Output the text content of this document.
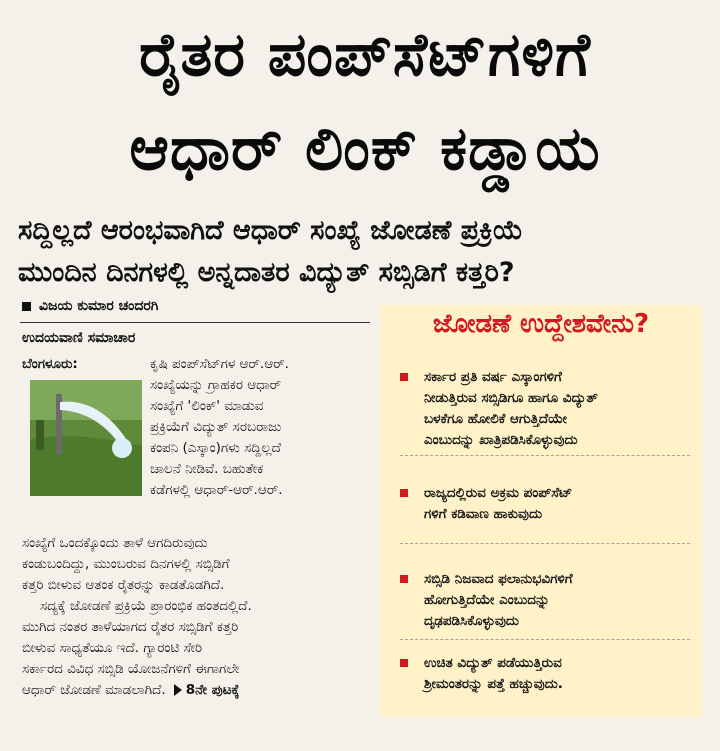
ರೈತರ ಪಂಪ್‌ಸೆಟ್‌ಗಳಿಗೆ
ಆಧಾರ್ ಲಿಂಕ್ ಕಡ್ಡಾಯ
ಸದ್ದಿಲ್ಲದೆ ಆರಂಭವಾಗಿದೆ ಆಧಾರ್ ಸಂಖ್ಯೆ ಜೋಡಣೆ ಪ್ರಕ್ರಿಯೆ
ಮುಂದಿನ ದಿನಗಳಲ್ಲಿ ಅನ್ನದಾತರ ವಿದ್ಯುತ್ ಸಬ್ಸಿಡಿಗೆ ಕತ್ತರಿ?
ವಿಜಯ ಕುಮಾರ ಚಂದರಗಿ
ಉದಯವಾಣಿ ಸಮಾಚಾರ
ಬೆಂಗಳೂರು:	ಕೃಷಿ ಪಂಪ್‌ಸೆಟ್‌ಗಳ ಆರ್.ಆರ್.
ಸಂಖ್ಯೆಯನ್ನು ಗ್ರಾಹಕರ ಆಧಾರ್
ಸಂಖ್ಯೆಗೆ 'ಲಿಂಕ್' ಮಾಡುವ
ಪ್ರಕ್ರಿಯೆಗೆ ವಿದ್ಯುತ್ ಸರಬರಾಜು
ಕಂಪನಿ (ಎಸ್ಕಾಂ)ಗಳು ಸದ್ದಿಲ್ಲದೆ
ಚಾಲನೆ ನೀಡಿವೆ. ಬಹುತೇಕ
ಕಡೆಗಳಲ್ಲಿ ಆಧಾರ್-ಆರ್.ಆರ್.
ಸಂಖ್ಯೆಗೆ ಒಂದಕ್ಕೊಂದು ತಾಳೆ ಆಗದಿರುವುದು
ಕಂಡುಬಂದಿದ್ದು, ಮುಂಬರುವ ದಿನಗಳಲ್ಲಿ ಸಬ್ಸಿಡಿಗೆ
ಕತ್ತರಿ ಬೀಳುವ ಆತಂಕ ರೈತರನ್ನು ಕಾಡತೊಡಗಿದೆ.
ಸದ್ಯಕ್ಕೆ ಜೋಡಣೆ ಪ್ರಕ್ರಿಯೆ ಪ್ರಾರಂಭಿಕ ಹಂತದಲ್ಲಿದೆ.
ಮುಗಿದ ನಂತರ ತಾಳೆಯಾಗದ ರೈತರ ಸಬ್ಸಿಡಿಗೆ ಕತ್ತರಿ
ಬೀಳುವ ಸಾಧ್ಯತೆಯೂ ಇದೆ. ಗ್ಯಾರಂಟಿ ಸೇರಿ
ಸರ್ಕಾರದ ವಿವಿಧ ಸಬ್ಸಿಡಿ ಯೋಜನೆಗಳಿಗೆ ಈಗಾಗಲೇ
ಆಧಾರ್ ಜೋಡಣೆ ಮಾಡಲಾಗಿದೆ. 8ನೇ ಪುಟಕ್ಕೆ
ಜೋಡಣೆ ಉದ್ದೇಶವೇನು?
ಸರ್ಕಾರ ಪ್ರತಿ ವರ್ಷ ಎಸ್ಕಾಂಗಳಿಗೆ
ನೀಡುತ್ತಿರುವ ಸಬ್ಸಿಡಿಗೂ ಹಾಗೂ ವಿದ್ಯುತ್
ಬಳಕೆಗೂ ಹೋಲಿಕೆ ಆಗುತ್ತಿದೆಯೇ
ಎಂಬುದನ್ನು ಖಾತ್ರಿಪಡಿಸಿಕೊಳ್ಳುವುದು
ರಾಜ್ಯದಲ್ಲಿರುವ ಅಕ್ರಮ ಪಂಪ್‌ಸೆಟ್
ಗಳಿಗೆ ಕಡಿವಾಣ ಹಾಕುವುದು
ಸಬ್ಸಿಡಿ ನಿಜವಾದ ಫಲಾನುಭವಿಗಳಿಗೆ
ಹೋಗುತ್ತಿದೆಯೇ ಎಂಬುದನ್ನು
ದೃಢಪಡಿಸಿಕೊಳ್ಳುವುದು
ಉಚಿತ ವಿದ್ಯುತ್ ಪಡೆಯುತ್ತಿರುವ
ಶ್ರೀಮಂತರನ್ನು ಪತ್ತೆ ಹಚ್ಚುವುದು.
